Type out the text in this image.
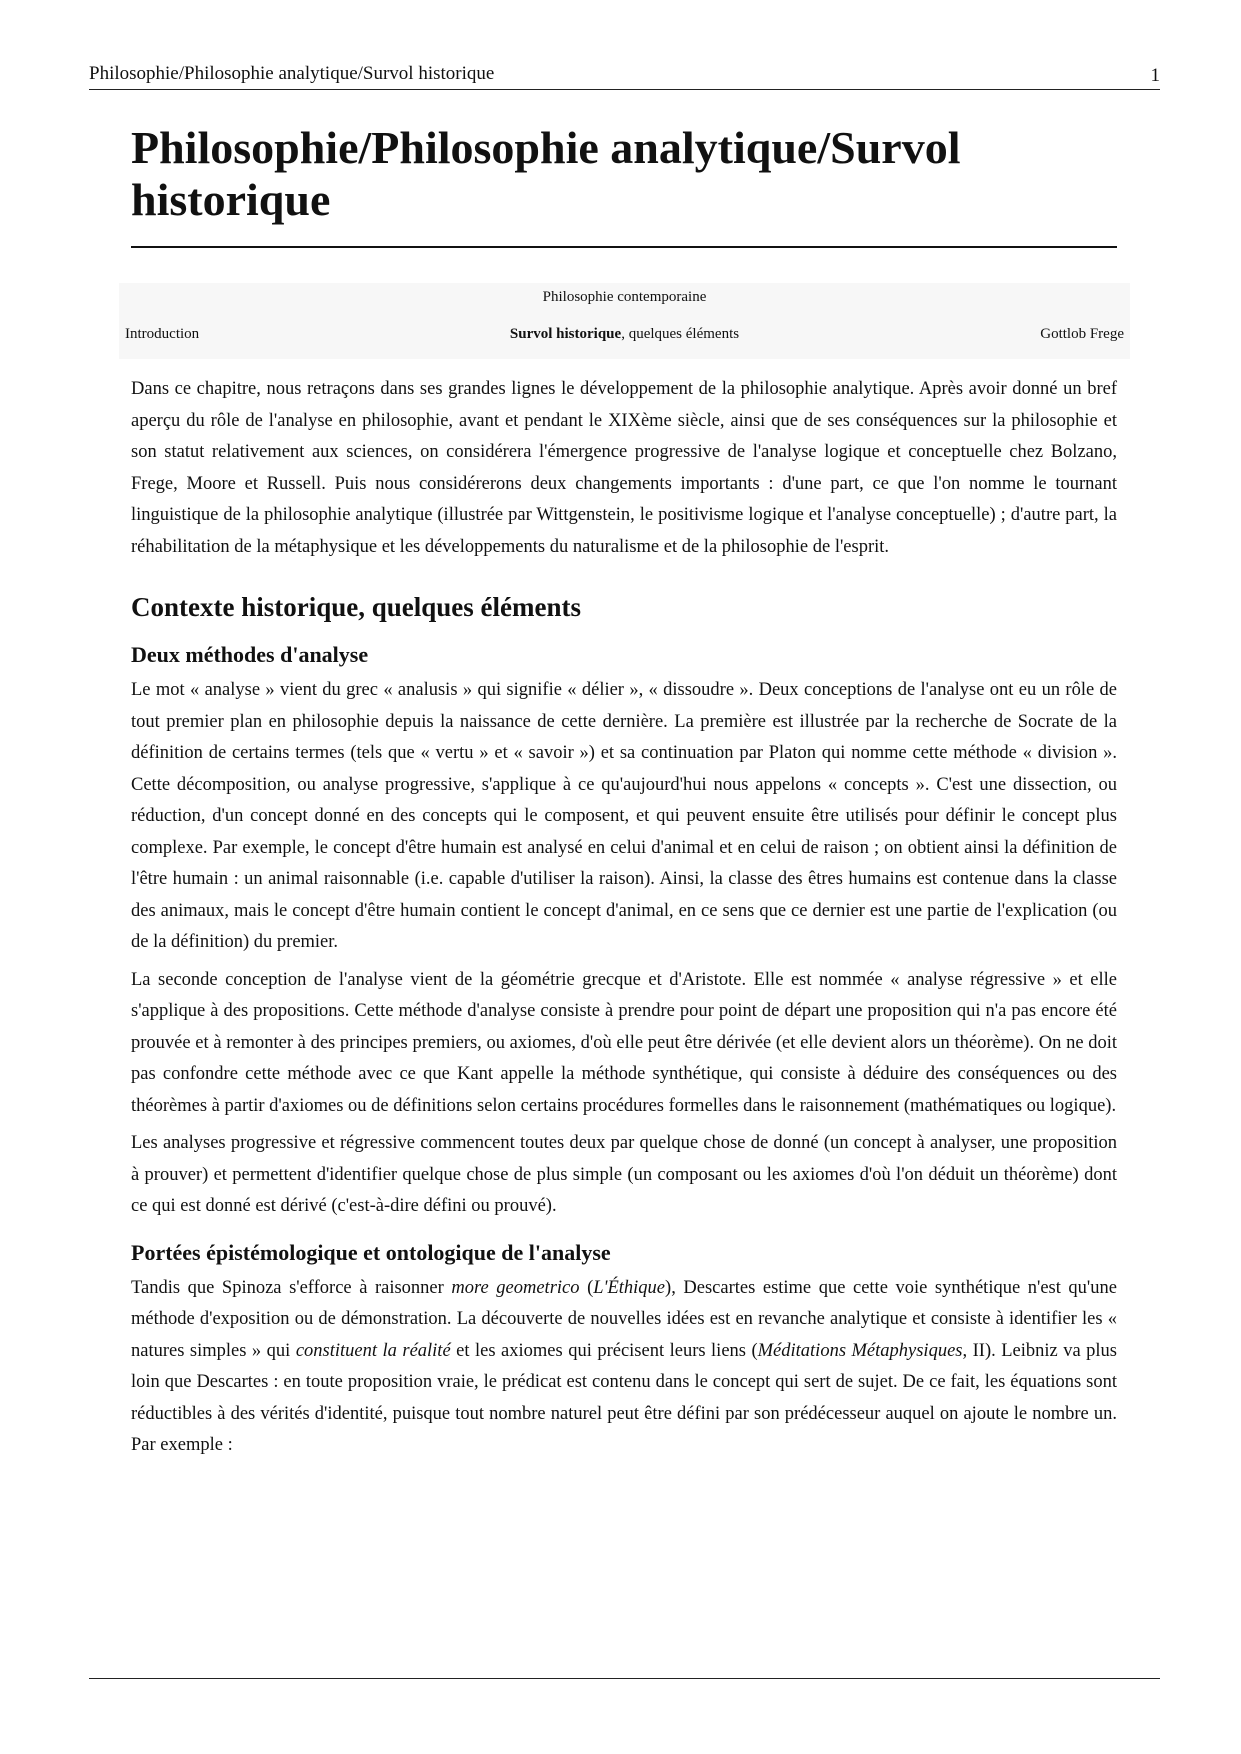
Philosophie/Philosophie analytique/Survol historique	1
Philosophie/Philosophie analytique/Survol historique
Philosophie contemporaine
Introduction	Survol historique, quelques éléments	Gottlob Frege

Dans ce chapitre, nous retraçons dans ses grandes lignes le développement de la philosophie analytique. Après avoir donné un bref aperçu du rôle de l'analyse en philosophie, avant et pendant le XIXème siècle, ainsi que de ses conséquences sur la philosophie et son statut relativement aux sciences, on considérera l'émergence progressive de l'analyse logique et conceptuelle chez Bolzano, Frege, Moore et Russell. Puis nous considérerons deux changements importants : d'une part, ce que l'on nomme le tournant linguistique de la philosophie analytique (illustrée par Wittgenstein, le positivisme logique et l'analyse conceptuelle) ; d'autre part, la réhabilitation de la métaphysique et les développements du naturalisme et de la philosophie de l'esprit.

Contexte historique, quelques éléments
Deux méthodes d'analyse

Le mot « analyse » vient du grec « analusis » qui signifie « délier », « dissoudre ». Deux conceptions de l'analyse ont eu un rôle de tout premier plan en philosophie depuis la naissance de cette dernière. La première est illustrée par la recherche de Socrate de la définition de certains termes (tels que « vertu » et « savoir ») et sa continuation par Platon qui nomme cette méthode « division ». Cette décomposition, ou analyse progressive, s'applique à ce qu'aujourd'hui nous appelons « concepts ». C'est une dissection, ou réduction, d'un concept donné en des concepts qui le composent, et qui peuvent ensuite être utilisés pour définir le concept plus complexe. Par exemple, le concept d'être humain est analysé en celui d'animal et en celui de raison ; on obtient ainsi la définition de l'être humain : un animal raisonnable (i.e. capable d'utiliser la raison). Ainsi, la classe des êtres humains est contenue dans la classe des animaux, mais le concept d'être humain contient le concept d'animal, en ce sens que ce dernier est une partie de l'explication (ou de la définition) du premier.

La seconde conception de l'analyse vient de la géométrie grecque et d'Aristote. Elle est nommée « analyse régressive » et elle s'applique à des propositions. Cette méthode d'analyse consiste à prendre pour point de départ une proposition qui n'a pas encore été prouvée et à remonter à des principes premiers, ou axiomes, d'où elle peut être dérivée (et elle devient alors un théorème). On ne doit pas confondre cette méthode avec ce que Kant appelle la méthode synthétique, qui consiste à déduire des conséquences ou des théorèmes à partir d'axiomes ou de définitions selon certains procédures formelles dans le raisonnement (mathématiques ou logique).

Les analyses progressive et régressive commencent toutes deux par quelque chose de donné (un concept à analyser, une proposition à prouver) et permettent d'identifier quelque chose de plus simple (un composant ou les axiomes d'où l'on déduit un théorème) dont ce qui est donné est dérivé (c'est-à-dire défini ou prouvé).

Portées épistémologique et ontologique de l'analyse

Tandis que Spinoza s'efforce à raisonner more geometrico (L'Éthique), Descartes estime que cette voie synthétique n'est qu'une méthode d'exposition ou de démonstration. La découverte de nouvelles idées est en revanche analytique et consiste à identifier les « natures simples » qui constituent la réalité et les axiomes qui précisent leurs liens (Méditations Métaphysiques, II). Leibniz va plus loin que Descartes : en toute proposition vraie, le prédicat est contenu dans le concept qui sert de sujet. De ce fait, les équations sont réductibles à des vérités d'identité, puisque tout nombre naturel peut être défini par son prédécesseur auquel on ajoute le nombre un. Par exemple :
